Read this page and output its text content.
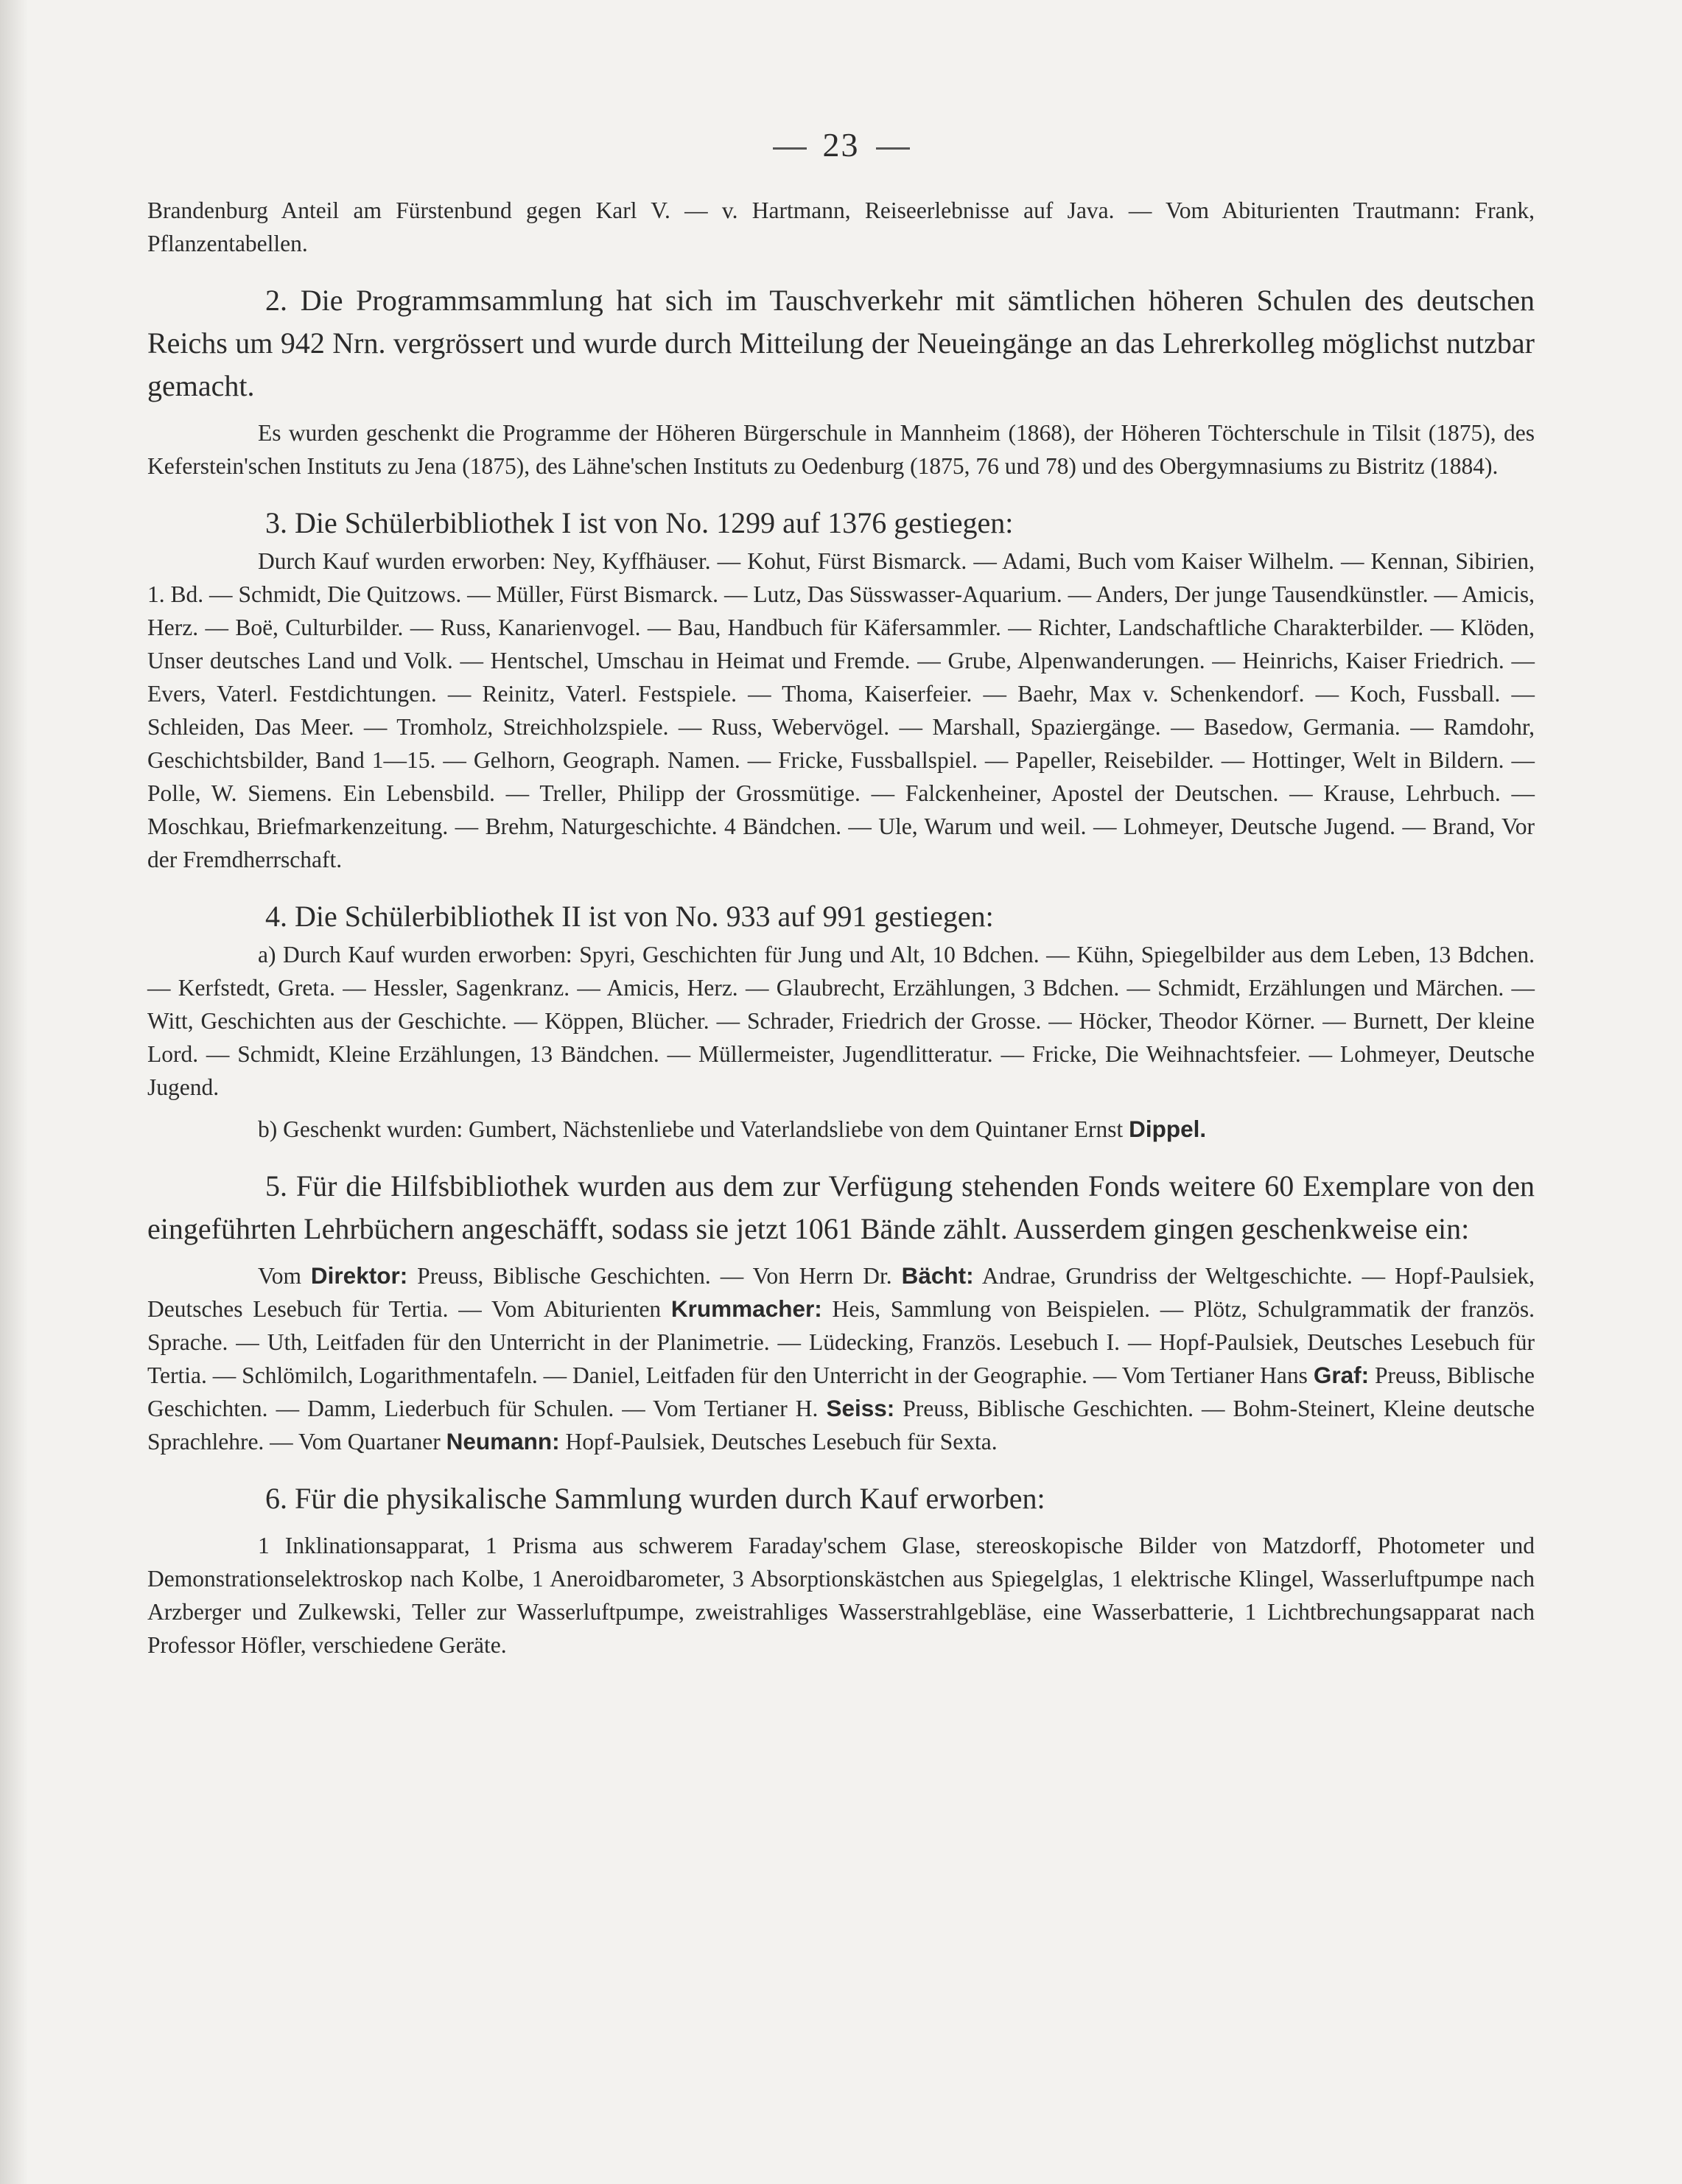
23

Brandenburg Anteil am Fürstenbund gegen Karl V. — v. Hartmann, Reiseerlebnisse auf Java. — Vom Abiturienten Trautmann: Frank, Pflanzentabellen.

2. Die Programmsammlung hat sich im Tauschverkehr mit sämtlichen höheren Schulen des deutschen Reichs um 942 Nrn. vergrössert und wurde durch Mitteilung der Neueingänge an das Lehrerkolleg möglichst nutzbar gemacht.

Es wurden geschenkt die Programme der Höheren Bürgerschule in Mannheim (1868), der Höheren Töchterschule in Tilsit (1875), des Keferstein'schen Instituts zu Jena (1875), des Lähne'schen Instituts zu Oedenburg (1875, 76 und 78) und des Obergymnasiums zu Bistritz (1884).

3. Die Schülerbibliothek I ist von No. 1299 auf 1376 gestiegen:

Durch Kauf wurden erworben: Ney, Kyffhäuser. — Kohut, Fürst Bismarck. — Adami, Buch vom Kaiser Wilhelm. — Kennan, Sibirien, 1. Bd. — Schmidt, Die Quitzows. — Müller, Fürst Bismarck. — Lutz, Das Süsswasser-Aquarium. — Anders, Der junge Tausendkünstler. — Amicis, Herz. — Boë, Culturbilder. — Russ, Kanarienvogel. — Bau, Handbuch für Käfersammler. — Richter, Landschaftliche Charakterbilder. — Klöden, Unser deutsches Land und Volk. — Hentschel, Umschau in Heimat und Fremde. — Grube, Alpenwanderungen. — Heinrichs, Kaiser Friedrich. — Evers, Vaterl. Festdichtungen. — Reinitz, Vaterl. Festspiele. — Thoma, Kaiserfeier. — Baehr, Max v. Schenkendorf. — Koch, Fussball. — Schleiden, Das Meer. — Tromholz, Streichholzspiele. — Russ, Webervögel. — Marshall, Spaziergänge. — Basedow, Germania. — Ramdohr, Geschichtsbilder, Band 1—15. — Gelhorn, Geograph. Namen. — Fricke, Fussballspiel. — Papeller, Reisebilder. — Hottinger, Welt in Bildern. — Polle, W. Siemens. Ein Lebensbild. — Treller, Philipp der Grossmütige. — Falckenheiner, Apostel der Deutschen. — Krause, Lehrbuch. — Moschkau, Briefmarkenzeitung. — Brehm, Naturgeschichte. 4 Bändchen. — Ule, Warum und weil. — Lohmeyer, Deutsche Jugend. — Brand, Vor der Fremdherrschaft.

4. Die Schülerbibliothek II ist von No. 933 auf 991 gestiegen:

a) Durch Kauf wurden erworben: Spyri, Geschichten für Jung und Alt, 10 Bdchen. — Kühn, Spiegelbilder aus dem Leben, 13 Bdchen. — Kerfstedt, Greta. — Hessler, Sagenkranz. — Amicis, Herz. — Glaubrecht, Erzählungen, 3 Bdchen. — Schmidt, Erzählungen und Märchen. — Witt, Geschichten aus der Geschichte. — Köppen, Blücher. — Schrader, Friedrich der Grosse. — Höcker, Theodor Körner. — Burnett, Der kleine Lord. — Schmidt, Kleine Erzählungen, 13 Bändchen. — Müllermeister, Jugendlitteratur. — Fricke, Die Weihnachtsfeier. — Lohmeyer, Deutsche Jugend.

b) Geschenkt wurden: Gumbert, Nächstenliebe und Vaterlandsliebe von dem Quintaner Ernst Dippel.

5. Für die Hilfsbibliothek wurden aus dem zur Verfügung stehenden Fonds weitere 60 Exemplare von den eingeführten Lehrbüchern angeschäfft, sodass sie jetzt 1061 Bände zählt. Ausserdem gingen geschenkweise ein:

Vom Direktor: Preuss, Biblische Geschichten. — Von Herrn Dr. Bächt: Andrae, Grundriss der Weltgeschichte. — Hopf-Paulsiek, Deutsches Lesebuch für Tertia. — Vom Abiturienten Krummacher: Heis, Sammlung von Beispielen. — Plötz, Schulgrammatik der französ. Sprache. — Uth, Leitfaden für den Unterricht in der Planimetrie. — Lüdecking, Französ. Lesebuch I. — Hopf-Paulsiek, Deutsches Lesebuch für Tertia. — Schlömilch, Logarithmentafeln. — Daniel, Leitfaden für den Unterricht in der Geographie. — Vom Tertianer Hans Graf: Preuss, Biblische Geschichten. — Damm, Liederbuch für Schulen. — Vom Tertianer H. Seiss: Preuss, Biblische Geschichten. — Bohm-Steinert, Kleine deutsche Sprachlehre. — Vom Quartaner Neumann: Hopf-Paulsiek, Deutsches Lesebuch für Sexta.

6. Für die physikalische Sammlung wurden durch Kauf erworben:

1 Inklinationsapparat, 1 Prisma aus schwerem Faraday'schem Glase, stereoskopische Bilder von Matzdorff, Photometer und Demonstrationselektroskop nach Kolbe, 1 Aneroidbarometer, 3 Absorptionskästchen aus Spiegelglas, 1 elektrische Klingel, Wasserluftpumpe nach Arzberger und Zulkewski, Teller zur Wasserluftpumpe, zweistrahliges Wasserstrahlgebläse, eine Wasserbatterie, 1 Lichtbrechungsapparat nach Professor Höfler, verschiedene Geräte.
